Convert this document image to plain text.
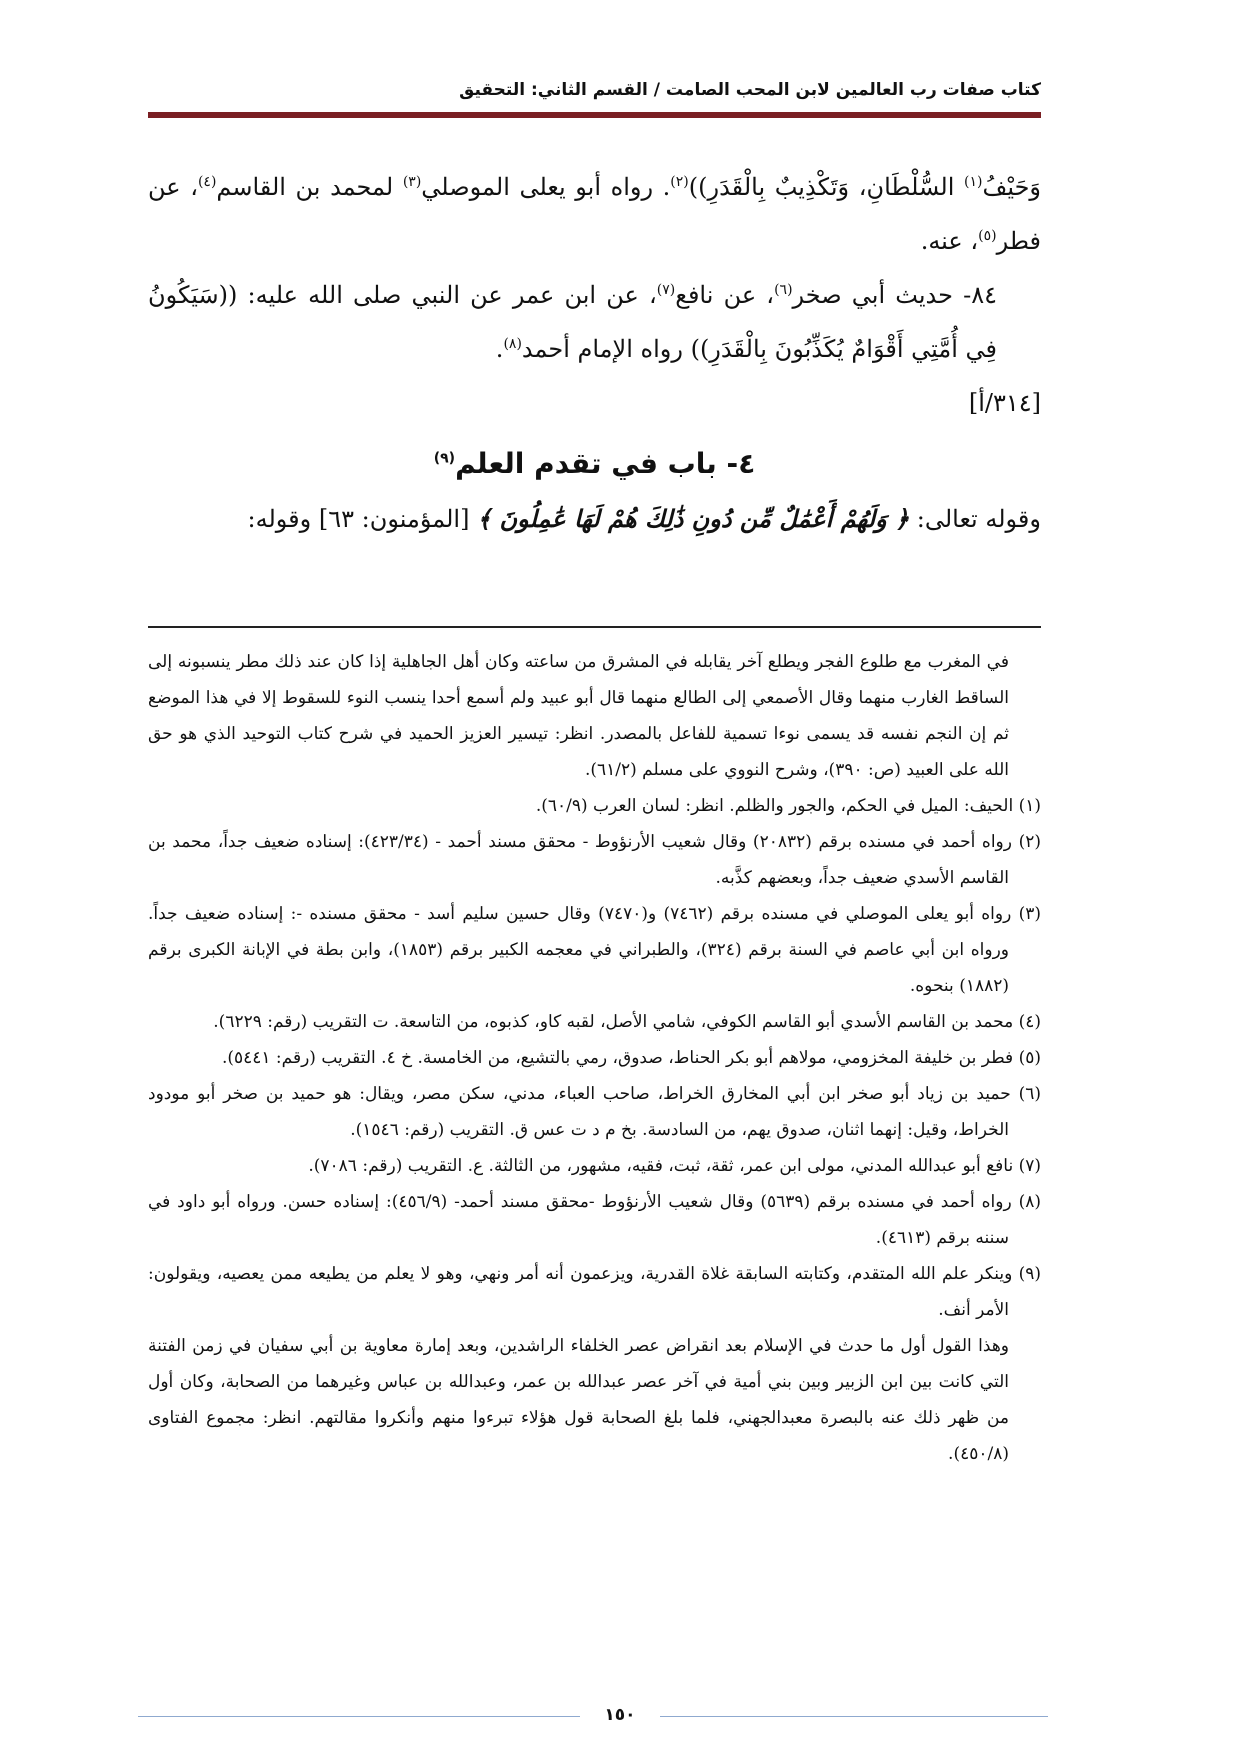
كتاب صفات رب العالمين لابن المحب الصامت / القسم الثاني: التحقيق

وَحَيْفُ$^{(١)}$ السُّلْطَانِ، وَتَكْذِيبٌ بِالْقَدَرِ))$^{(٢)}$. رواه أبو يعلى الموصلي$^{(٣)}$ لمحمد بن القاسم$^{(٤)}$، عن فطر$^{(٥)}$، عنه.

٨٤- حديث أبي صخر$^{(٦)}$، عن نافع$^{(٧)}$، عن ابن عمر عن النبي صلى الله عليه: ((سَيَكُونُ فِي أُمَّتِي أَقْوَامٌ يُكَذِّبُونَ بِالْقَدَرِ)) رواه الإمام أحمد$^{(٨)}$.

[٣١٤/أ]

٤- باب في تقدم العلم$^{(٩)}$

وقوله تعالى: ﴿ وَلَهُمْ أَعْمَٰلٌ مِّن دُونِ ذَٰلِكَ هُمْ لَهَا عَٰمِلُونَ ﴾ [المؤمنون: ٦٣] وقوله:

في المغرب مع طلوع الفجر ويطلع آخر يقابله في المشرق من ساعته وكان أهل الجاهلية إذا كان عند ذلك مطر ينسبونه إلى الساقط الغارب منهما وقال الأصمعي إلى الطالع منهما قال أبو عبيد ولم أسمع أحدا ينسب النوء للسقوط إلا في هذا الموضع ثم إن النجم نفسه قد يسمى نوءا تسمية للفاعل بالمصدر. انظر: تيسير العزيز الحميد في شرح كتاب التوحيد الذي هو حق الله على العبيد (ص: ٣٩٠)، وشرح النووي على مسلم (٦١/٢).

(١) الحيف: الميل في الحكم، والجور والظلم. انظر: لسان العرب (٦٠/٩).

(٢) رواه أحمد في مسنده برقم (٢٠٨٣٢) وقال شعيب الأرنؤوط - محقق مسند أحمد - (٤٢٣/٣٤): إسناده ضعيف جداً، محمد بن القاسم الأسدي ضعيف جداً، وبعضهم كذَّبه.

(٣) رواه أبو يعلى الموصلي في مسنده برقم (٧٤٦٢) و(٧٤٧٠) وقال حسين سليم أسد - محقق مسنده -: إسناده ضعيف جداً. ورواه ابن أبي عاصم في السنة برقم (٣٢٤)، والطبراني في معجمه الكبير برقم (١٨٥٣)، وابن بطة في الإبانة الكبرى برقم (١٨٨٢) بنحوه.

(٤) محمد بن القاسم الأسدي أبو القاسم الكوفي، شامي الأصل، لقبه كاو، كذبوه، من التاسعة. ت التقريب (رقم: ٦٢٢٩).

(٥) فطر بن خليفة المخزومي، مولاهم أبو بكر الحناط، صدوق، رمي بالتشيع، من الخامسة. خ ٤. التقريب (رقم: ٥٤٤١).

(٦) حميد بن زياد أبو صخر ابن أبي المخارق الخراط، صاحب العباء، مدني، سكن مصر، ويقال: هو حميد بن صخر أبو مودود الخراط، وقيل: إنهما اثنان، صدوق يهم، من السادسة. بخ م د ت عس ق. التقريب (رقم: ١٥٤٦).

(٧) نافع أبو عبدالله المدني، مولى ابن عمر، ثقة، ثبت، فقيه، مشهور، من الثالثة. ع. التقريب (رقم: ٧٠٨٦).

(٨) رواه أحمد في مسنده برقم (٥٦٣٩) وقال شعيب الأرنؤوط -محقق مسند أحمد- (٤٥٦/٩): إسناده حسن. ورواه أبو داود في سننه برقم (٤٦١٣).

(٩) وينكر علم الله المتقدم، وكتابته السابقة غلاة القدرية، ويزعمون أنه أمر ونهي، وهو لا يعلم من يطيعه ممن يعصيه، ويقولون: الأمر أنف.

وهذا القول أول ما حدث في الإسلام بعد انقراض عصر الخلفاء الراشدين، وبعد إمارة معاوية بن أبي سفيان في زمن الفتنة التي كانت بين ابن الزبير وبين بني أمية في آخر عصر عبدالله بن عمر، وعبدالله بن عباس وغيرهما من الصحابة، وكان أول من ظهر ذلك عنه بالبصرة معبدالجهني، فلما بلغ الصحابة قول هؤلاء تبرءوا منهم وأنكروا مقالتهم. انظر: مجموع الفتاوى (٤٥٠/٨).

١٥٠
